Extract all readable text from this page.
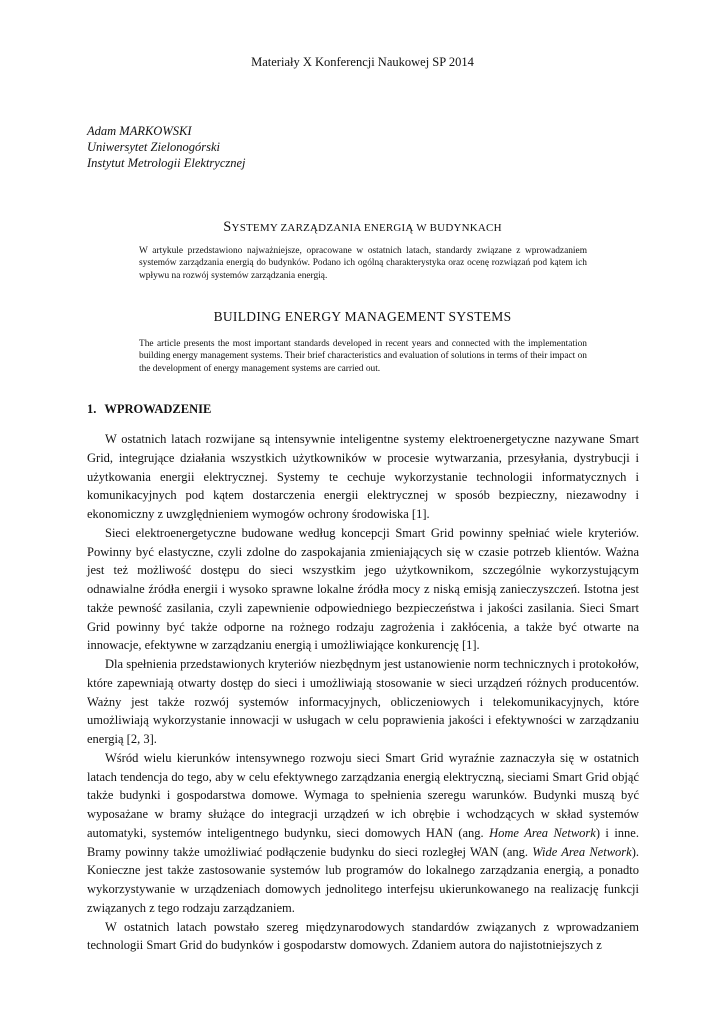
Materiały X Konferencji Naukowej SP 2014
Adam MARKOWSKI
Uniwersytet Zielonogórski
Instytut Metrologii Elektrycznej
SYSTEMY ZARZĄDZANIA ENERGIĄ W BUDYNKACH
W artykule przedstawiono najważniejsze, opracowane w ostatnich latach, standardy związane z wprowadzaniem systemów zarządzania energią do budynków. Podano ich ogólną charakterystyka oraz ocenę rozwiązań pod kątem ich wpływu na rozwój systemów zarządzania energią.
BUILDING ENERGY MANAGEMENT SYSTEMS
The article presents the most important standards developed in recent years and connected with the implementation building energy management systems. Their brief characteristics and evaluation of solutions in terms of their impact on the development of energy management systems are carried out.
1. WPROWADZENIE

W ostatnich latach rozwijane są intensywnie inteligentne systemy elektroenergetyczne nazywane Smart Grid, integrujące działania wszystkich użytkowników w procesie wytwarzania, przesyłania, dystrybucji i użytkowania energii elektrycznej. Systemy te cechuje wykorzystanie technologii informatycznych i komunikacyjnych pod kątem dostarczenia energii elektrycznej w sposób bezpieczny, niezawodny i ekonomiczny z uwzględnieniem wymogów ochrony środowiska [1].

Sieci elektroenergetyczne budowane według koncepcji Smart Grid powinny spełniać wiele kryteriów. Powinny być elastyczne, czyli zdolne do zaspokajania zmieniających się w czasie potrzeb klientów. Ważna jest też możliwość dostępu do sieci wszystkim jego użytkownikom, szczególnie wykorzystującym odnawialne źródła energii i wysoko sprawne lokalne źródła mocy z niską emisją zanieczyszczeń. Istotna jest także pewność zasilania, czyli zapewnienie odpowiedniego bezpieczeństwa i jakości zasilania. Sieci Smart Grid powinny być także odporne na rożnego rodzaju zagrożenia i zakłócenia, a także być otwarte na innowacje, efektywne w zarządzaniu energią i umożliwiające konkurencję [1].

Dla spełnienia przedstawionych kryteriów niezbędnym jest ustanowienie norm technicznych i protokołów, które zapewniają otwarty dostęp do sieci i umożliwiają stosowanie w sieci urządzeń różnych producentów. Ważny jest także rozwój systemów informacyjnych, obliczeniowych i telekomunikacyjnych, które umożliwiają wykorzystanie innowacji w usługach w celu poprawienia jakości i efektywności w zarządzaniu energią [2, 3].

Wśród wielu kierunków intensywnego rozwoju sieci Smart Grid wyraźnie zaznaczyła się w ostatnich latach tendencja do tego, aby w celu efektywnego zarządzania energią elektryczną, sieciami Smart Grid objąć także budynki i gospodarstwa domowe. Wymaga to spełnienia szeregu warunków. Budynki muszą być wyposażane w bramy służące do integracji urządzeń w ich obrębie i wchodzących w skład systemów automatyki, systemów inteligentnego budynku, sieci domowych HAN (ang. Home Area Network) i inne. Bramy powinny także umożliwiać podłączenie budynku do sieci rozległej WAN (ang. Wide Area Network). Konieczne jest także zastosowanie systemów lub programów do lokalnego zarządzania energią, a ponadto wykorzystywanie w urządzeniach domowych jednolitego interfejsu ukierunkowanego na realizację funkcji związanych z tego rodzaju zarządzaniem.

W ostatnich latach powstało szereg międzynarodowych standardów związanych z wprowadzaniem technologii Smart Grid do budynków i gospodarstw domowych. Zdaniem autora do najistotniejszych z
